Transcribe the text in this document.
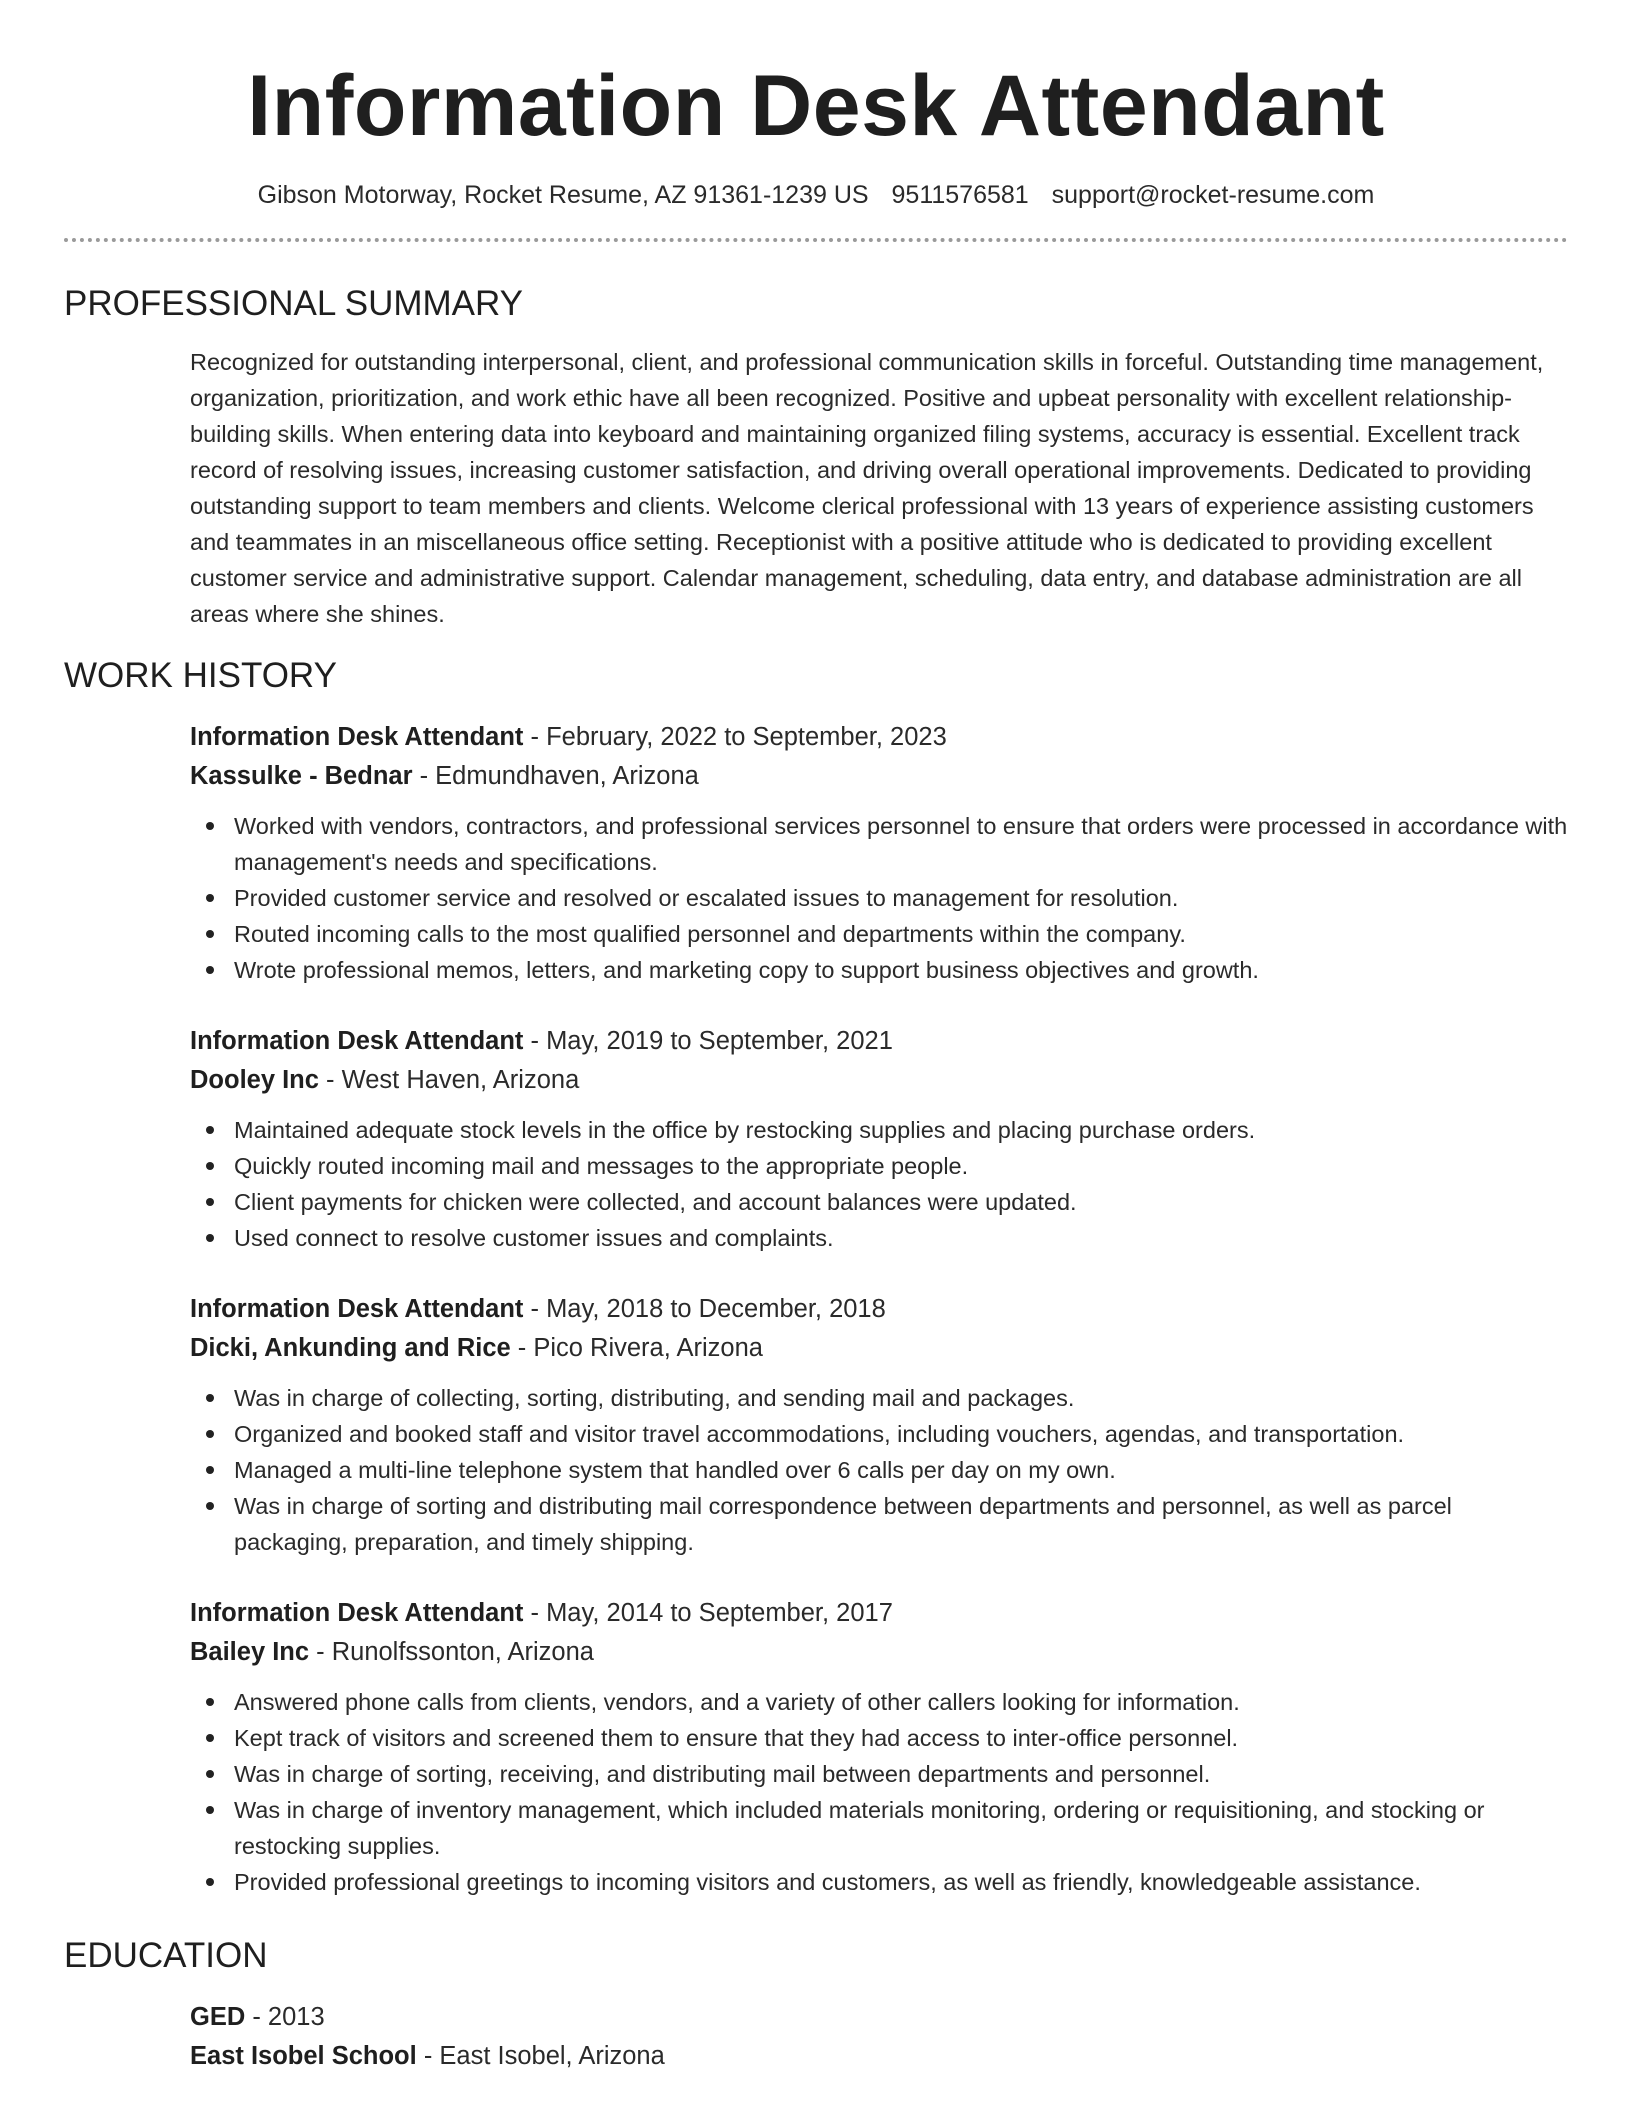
Information Desk Attendant
Gibson Motorway, Rocket Resume, AZ 91361-1239 US 9511576581 support@rocket-resume.com
PROFESSIONAL SUMMARY
Recognized for outstanding interpersonal, client, and professional communication skills in forceful. Outstanding time management, organization, prioritization, and work ethic have all been recognized. Positive and upbeat personality with excellent relationship-building skills. When entering data into keyboard and maintaining organized filing systems, accuracy is essential. Excellent track record of resolving issues, increasing customer satisfaction, and driving overall operational improvements. Dedicated to providing outstanding support to team members and clients. Welcome clerical professional with 13 years of experience assisting customers and teammates in an miscellaneous office setting. Receptionist with a positive attitude who is dedicated to providing excellent customer service and administrative support. Calendar management, scheduling, data entry, and database administration are all areas where she shines.
WORK HISTORY
Information Desk Attendant - February, 2022 to September, 2023
Kassulke - Bednar - Edmundhaven, Arizona
Worked with vendors, contractors, and professional services personnel to ensure that orders were processed in accordance with management's needs and specifications.
Provided customer service and resolved or escalated issues to management for resolution.
Routed incoming calls to the most qualified personnel and departments within the company.
Wrote professional memos, letters, and marketing copy to support business objectives and growth.
Information Desk Attendant - May, 2019 to September, 2021
Dooley Inc - West Haven, Arizona
Maintained adequate stock levels in the office by restocking supplies and placing purchase orders.
Quickly routed incoming mail and messages to the appropriate people.
Client payments for chicken were collected, and account balances were updated.
Used connect to resolve customer issues and complaints.
Information Desk Attendant - May, 2018 to December, 2018
Dicki, Ankunding and Rice - Pico Rivera, Arizona
Was in charge of collecting, sorting, distributing, and sending mail and packages.
Organized and booked staff and visitor travel accommodations, including vouchers, agendas, and transportation.
Managed a multi-line telephone system that handled over 6 calls per day on my own.
Was in charge of sorting and distributing mail correspondence between departments and personnel, as well as parcel packaging, preparation, and timely shipping.
Information Desk Attendant - May, 2014 to September, 2017
Bailey Inc - Runolfssonton, Arizona
Answered phone calls from clients, vendors, and a variety of other callers looking for information.
Kept track of visitors and screened them to ensure that they had access to inter-office personnel.
Was in charge of sorting, receiving, and distributing mail between departments and personnel.
Was in charge of inventory management, which included materials monitoring, ordering or requisitioning, and stocking or restocking supplies.
Provided professional greetings to incoming visitors and customers, as well as friendly, knowledgeable assistance.
EDUCATION
GED - 2013
East Isobel School - East Isobel, Arizona
